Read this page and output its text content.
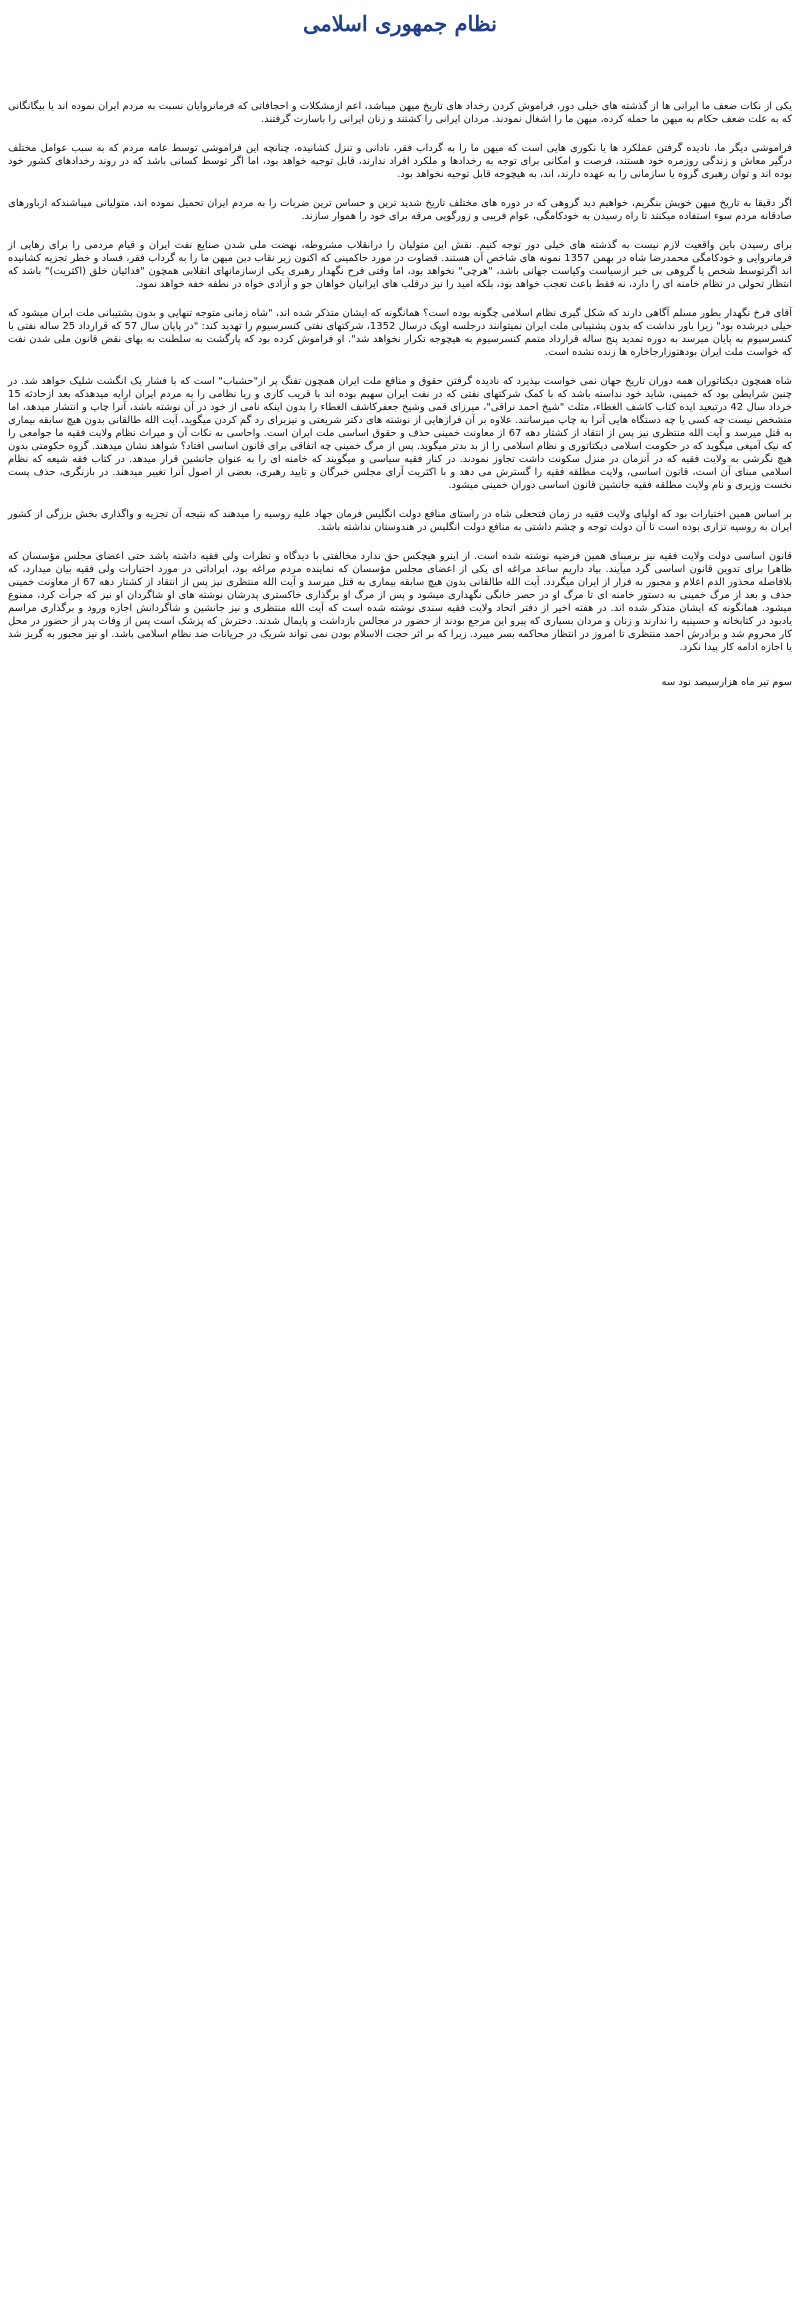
نظام جمهوری اسلامی

یکی از نکات ضعف ما ایرانی ها از گذشته های خیلی دور، فراموش کردن رخداد های تاریخ میهن میباشد، اعم ازمشکلات و احجافاتی که فرمانروایان نسبت به مردم ایران نموده اند یا بیگانگانی که به علت ضعف حکام به میهن ما حمله کرده، میهن ما را اشغال نمودند. مردان ایرانی را کشتند و زنان ایرانی را باسارت گرفتند.

فراموشی دیگر ما، نادیده گرفتن عملکرد ها یا نکوری هایی است که میهن ما را به گرداب فقر، نادانی و تنزل کشانیده، چنانچه این فراموشی توسط عامه مردم که به سبب عوامل مختلف درگیر معاش و زندگی روزمره خود هستند، فرصت و امکانی برای توجه به رخدادها و ملکرد افراد ندارند، قابل توجیه خواهد بود، اما اگر توسط کسانی باشد که در روند رخدادهای کشور خود بوده اند و توان رهبری گروه یا سازمانی را به عهده دارند، اند، به هیچوجه قابل توجیه نخواهد بود.

اگر دقیقا به تاریخ میهن خویش بنگریم، خواهیم دید گروهی که در دوره های مختلف تاریخ شدید ترین و حساس ترین ضربات را به مردم ایران تحمیل نموده اند، متولیانی میباشندکه ازباورهای صادقانه مردم سوء استفاده میکنند تا راه رسیدن به خودکامگی، عوام فریبی و زورگویی مرقه برای خود را هموار سازند.

برای رسیدن باین واقعیت لازم نیست به گذشته های خیلی دور توجه کنیم. نقش این متولیان را درانقلاب مشروطه، نهضت ملی شدن صنایع نفت ایران و قیام مردمی را برای رهایی از فرمانروایی و خودکامگی محمدرضا شاه در بهمن 1357 نمونه های شاخص آن هستند. قضاوت در مورد حاکمینی که اکنون زیر نقاب دین میهن ما را به گرداب فقر، فساد و خطر تجزیه کشانیده اند اگرتوسط شخص یا گروهی بی خبر ازسیاست وکیاست جهانی باشد، "هرچی" نخواهد بود، اما وقتی فرح نگهدار رهبری یکی ازسازمانهای انقلابی همچون "فدائیان خلق (اکثریت)" باشد که انتظار تحولی در نظام خامنه ای را دارد، نه فقط باعث تعجب خواهد بود، بلکه امید را نیز درقلب های ایرانیان خواهان جو و آزادی خواه در نطفه خفه خواهد نمود.

آقای فرخ نگهدار بطور مسلم آگاهی دارند که شکل گیری نظام اسلامی چگونه بوده است؟ همانگونه که ایشان متذکر شده اند، "شاه زمانی متوجه تنهایی و بدون پشتیبانی ملت ایران میشود که خیلی دیرشده بود" زیرا باور نداشت که بدون پشتیبانی ملت ایران نمیتوانند درجلسه اوپک درسال 1352، شرکتهای نفتی کنسرسیوم را تهدید کند: "در پایان سال 57 که قرارداد 25 ساله نفتی با کنسرسیوم به پایان میرسد به دوره تمدید پنج ساله قرارداد متمم کنسرسیوم به هیچوجه تکرار نخواهد شد". او فراموش کرده بود که پارگشت به سلطنت به بهای نقض قانون ملی شدن نفت که خواست ملت ایران بودهتوزارجاخاره ها زنده نشده است.

شاه همچون دیکتاتوران همه دوران تاریخ جهان نمی خواست بپذیرد که نادیده گرفتن حقوق و منافع ملت ایران همچون تفنگ پر از"حشباب" است که با فشار یک انگشت شلیک خواهد شد. در چنین شرایطی بود که خمینی، شاید خود نداسته باشد که با کمک شرکتهای نفتی که در نفت ایران سهیم بوده اند با قریب کاری و ریا نظامی را به مردم ایران ارایه میدهدکه بعد ازحادثه 15 خرداد سال 42 درتبعید ایده کتاب کاشف الغطاء، مثلث "شیخ احمد نراقی"، میرزای قمی وشیخ جعفرکاشف الغطاء را بدون اینکه نامی از خود در آن نوشته باشد، آنرا چاپ و انتشار میدهد، اما متشخص نیست چه کسی یا چه دستگاه هایی آنرا به چاپ میرسانند. علاوه بر آن فرازهایی از نوشته های دکتر شریعتی و نیزبرای رد گم کردن میگوید، آیت الله طالقانی بدون هیچ سابقه بیماری به قتل میرسد و آیت الله منتظری نیز پس از انتقاد از کشتار دهه 67 از معاونت خمینی حذف و حقوق اساسی ملت ایران است. واحاسی به نکات آن و میراث نظام ولایت فقیه ما جوامعی را که نیک آمیغی میگوید که در حکومت اسلامی دیکتاتوری و نظام اسلامی را از بد بدتر میگوید. پس از مرگ خمینی چه اتفاقی برای قانون اساسی افتاد؟ شواهد نشان میدهند. گروه حکومتی بدون هیچ نگرشی به ولایت فقیه که در آنزمان در منزل سکونت داشت تجاوز نمودند. در کنار فقیه سیاسی و میگویند که خامنه ای را به عنوان جانشین قرار میدهد. در کتاب فقه شیعه که نظام اسلامی مبنای آن است، قانون اساسی، ولایت مطلقه فقیه را گسترش می دهد و با اکثریت آرای مجلس خبرگان و تایید رهبری، بعضی از اصول آنرا تغییر میدهند. در بازنگری، حذف پست نخست وزیری و نام ولایت مطلقه فقیه جانشین قانون اساسی دوران خمینی میشود.

بر اساس همین اختیارات بود که اولیای ولایت فقیه در زمان فتحعلی شاه در راستای منافع دولت انگلیس فرمان جهاد علیه روسیه را میدهند که نتیجه آن تجزیه و واگذاری بخش بزرگی از کشور ایران به روسیه تزاری بوده است تا آن دولت توجه و چشم داشتی به منافع دولت انگلیس در هندوستان نداشته باشد.

قانون اساسی دولت ولایت فقیه نیز برمبنای همین فرضیه نوشته شده است. از اینرو هیچکس حق ندارد مخالفتی با دیدگاه و نظرات ولی فقیه داشته باشد حتی اعضای مجلس مؤسسان که ظاهرا برای تدوین قانون اساسی گرد میآیند. بیاد داریم ساعد مراغه ای یکی از اعضای مجلس مؤسسان که نماینده مردم مراغه بود، ایراداتی در مورد اختیارات ولی فقیه بیان میدارد، که بلافاصله محذور الدم اعلام و مجبور به فرار از ایران میگردد. آیت الله طالقانی بدون هیچ سابقه بیماری به قتل میرسد و آیت الله منتظری نیز پس از انتقاد از کشتار دهه 67 از معاونت خمینی حذف و بعد از مرگ خمینی به دستور خامنه ای تا مرگ او در حصر خانگی نگهداری میشود و پس از مرگ او برگذاری خاکستری پدرشان نوشته های او شاگردان او نیز که جرأت کرد، ممنوع میشود. همانگونه که ایشان متذکر شده اند. در هفته اخیر از دفتر اتحاد ولایت فقیه سندی نوشته شده است که آیت الله منتظری و نیز جانشین و شاگردانش اجازه ورود و برگذاری مراسم یادبود در کتابخانه و حسینیه را ندارند و زنان و مردان بسیاری که پیرو این مرجع بودند از حضور در مجالس بازداشت و پایمال شدند. دخترش که پزشک است پس از وفات پدر از حضور در محل کار محروم شد و برادرش احمد منتظری تا امروز در انتظار محاکمه بسر میبرد. زیرا که بر اثر حجت الاسلام بودن نمی تواند شریک در جریانات ضد نظام اسلامی باشد. او نیز مجبور به گریز شد یا اجازه ادامه کار پیدا نکرد.

سوم تیر ماه هزارسیصد نود سه
